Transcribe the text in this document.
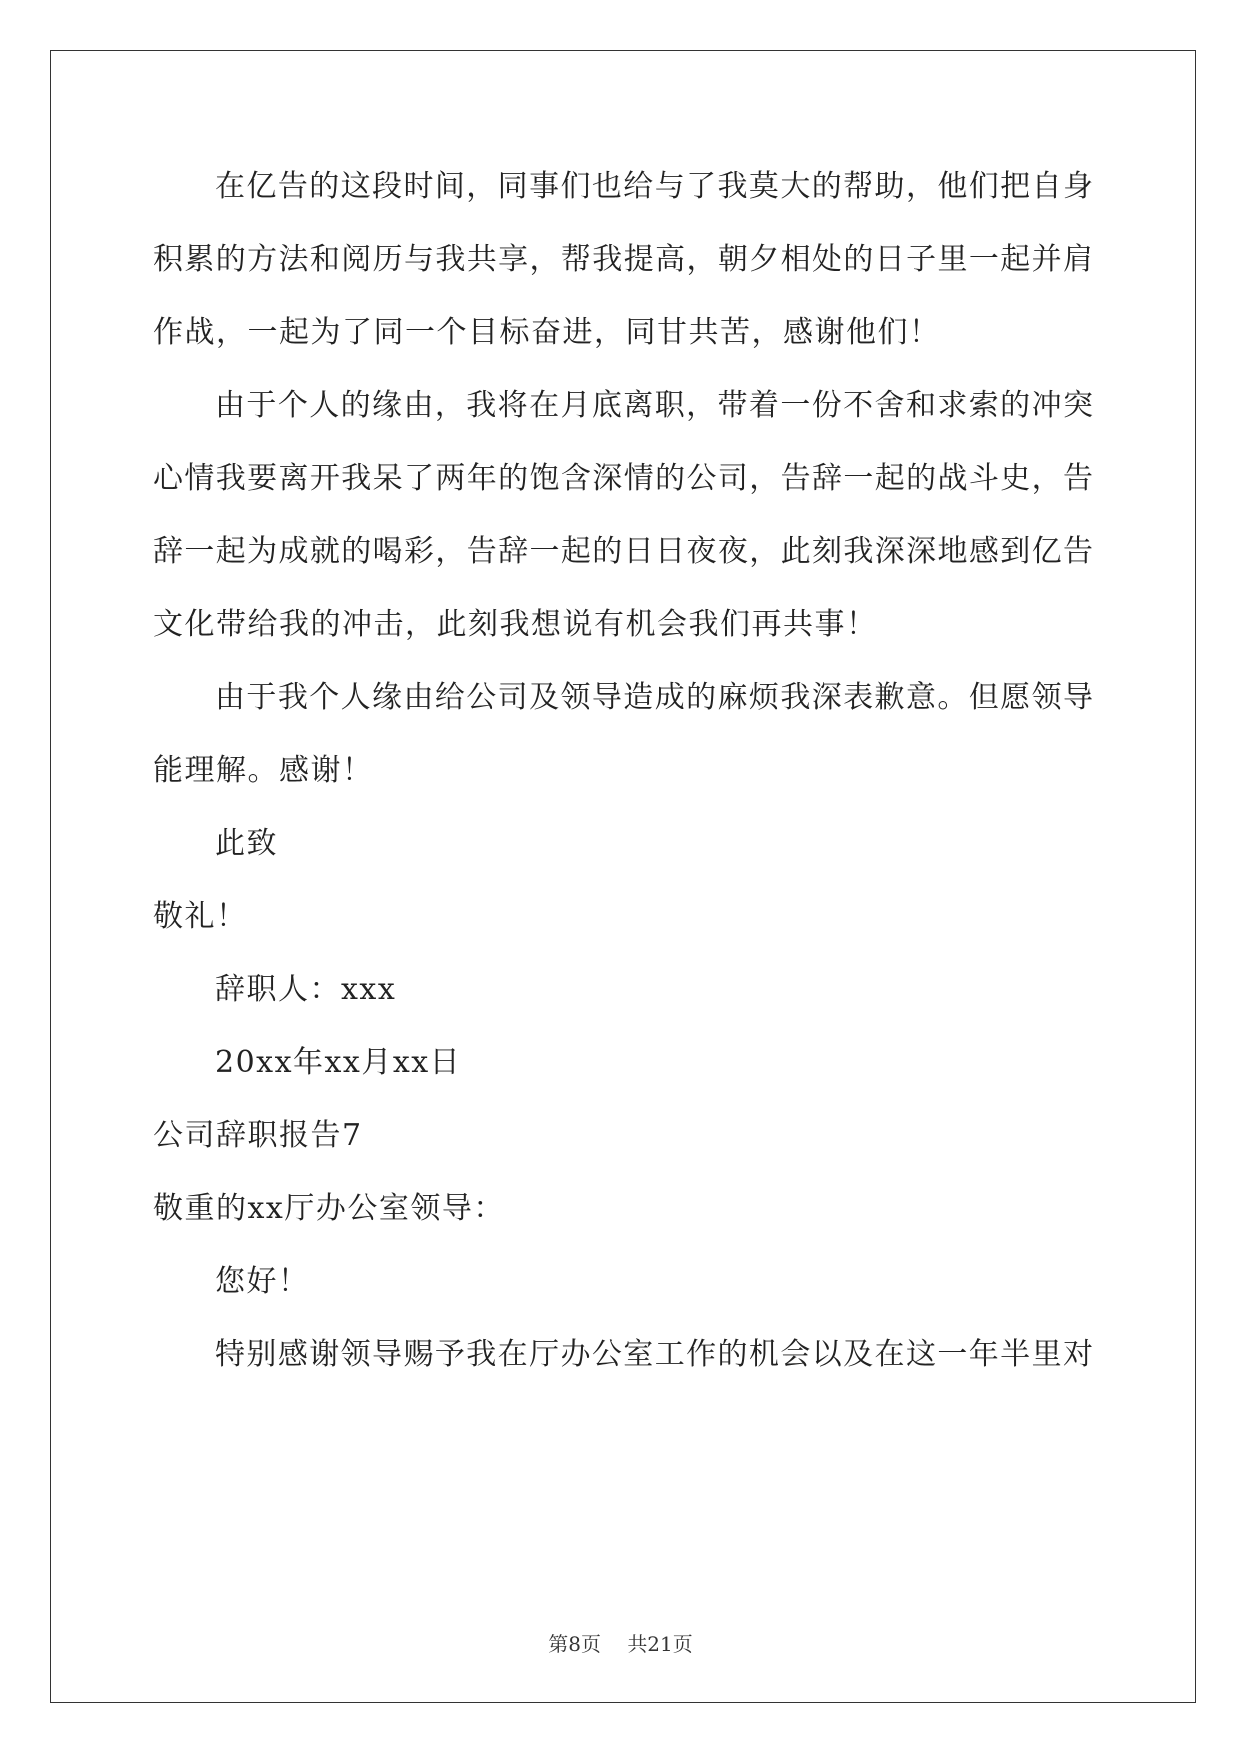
在亿告的这段时间，同事们也给与了我莫大的帮助，他们把自身
积累的方法和阅历与我共享，帮我提高，朝夕相处的日子里一起并肩
作战，一起为了同一个目标奋进，同甘共苦，感谢他们！
由于个人的缘由，我将在月底离职，带着一份不舍和求索的冲突
心情我要离开我呆了两年的饱含深情的公司，告辞一起的战斗史，告
辞一起为成就的喝彩，告辞一起的日日夜夜，此刻我深深地感到亿告
文化带给我的冲击，此刻我想说有机会我们再共事！
由于我个人缘由给公司及领导造成的麻烦我深表歉意。但愿领导
能理解。感谢！
此致
敬礼！
辞职人：xxx
20xx年xx月xx日
公司辞职报告7
敬重的xx厅办公室领导：
您好！
特别感谢领导赐予我在厅办公室工作的机会以及在这一年半里对
第8页 共21页
